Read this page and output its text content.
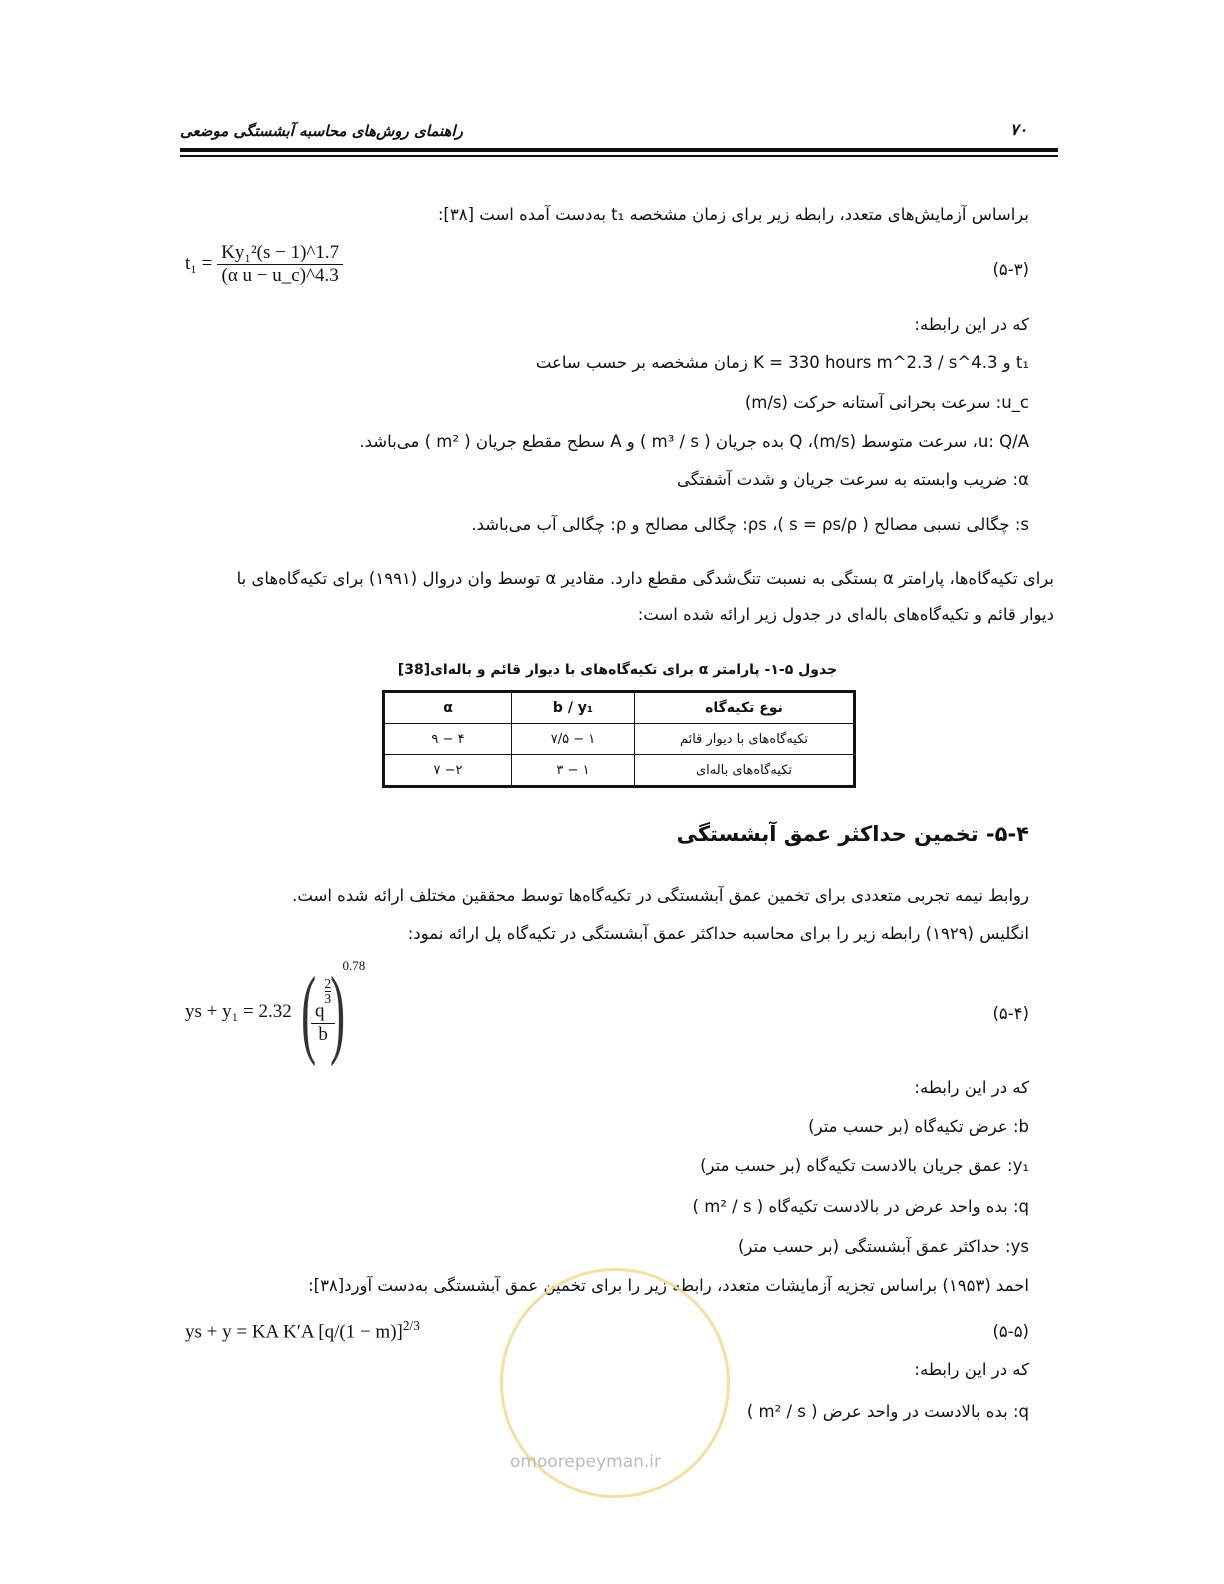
راهنمای روش‌های محاسبه آبشستگی موضعی	۷۰
براساس آزمایش‌های متعدد، رابطه زیر برای زمان مشخصه t₁ به‌دست آمده است [۳۸]:
$t_1 = \frac{\text{Ky₁²(s − 1)\textasciicircum{}1.7}}{\text{(α u − u\_c)\textasciicircum{}4.3}}$	(۵-۳)
که در این رابطه:
t₁ و K = 330 hours m^2.3 / s^4.3 زمان مشخصه بر حسب ساعت
u_c: سرعت بحرانی آستانه حرکت (m/s)
u: Q/A، سرعت متوسط (m/s)، Q بده جریان ( m³ / s ) و A سطح مقطع جریان ( m² ) می‌باشد.
α: ضریب وابسته به سرعت جریان و شدت آشفتگی
s: چگالی نسبی مصالح ( s = ρs/ρ )، ρs: چگالی مصالح و ρ: چگالی آب می‌باشد.
برای تکیه‌گاه‌ها، پارامتر α بستگی به نسبت تنگ‌شدگی مقطع دارد. مقادیر α توسط وان دروال (۱۹۹۱) برای تکیه‌گاه‌های با
دیوار قائم و تکیه‌گاه‌های باله‌ای در جدول زیر ارائه شده است:
جدول ۵-۱- پارامتر α برای تکیه‌گاه‌های با دیوار قائم و باله‌ای[38]
نوع تکیه‌گاه	b / y₁	α
تکیه‌گاه‌های با دیوار قائم	۱ − ۷/۵	۴ − ۹
تکیه‌گاه‌های باله‌ای	۱ − ۳	۲− ۷
۵-۴- تخمین حداکثر عمق آبشستگی
روابط نیمه تجربی متعددی برای تخمین عمق آبشستگی در تکیه‌گاه‌ها توسط محققین مختلف ارائه شده است.
انگلیس (۱۹۲۹) رابطه زیر را برای محاسبه حداکثر عمق آبشستگی در تکیه‌گاه پل ارائه نمود:
ys + y₁ = 2.32(
q
$^{\frac{2}{3}}$
b
)$^{0.78}$
(۵-۴)
که در این رابطه:
b: عرض تکیه‌گاه (بر حسب متر)
y₁: عمق جریان بالادست تکیه‌گاه (بر حسب متر)
q: بده واحد عرض در بالادست تکیه‌گاه ( m² / s )
ys: حداکثر عمق آبشستگی (بر حسب متر)
احمد (۱۹۵۳) براساس تجزیه آزمایشات متعدد، رابطه زیر را برای تخمین عمق آبشستگی به‌دست آورد[۳۸]:
ys + y = KA K′A $[q/(1 - m)]^{2/3}$	(۵-۵)
که در این رابطه:
q: بده بالادست در واحد عرض ( m² / s )
omoorepeyman.ir
